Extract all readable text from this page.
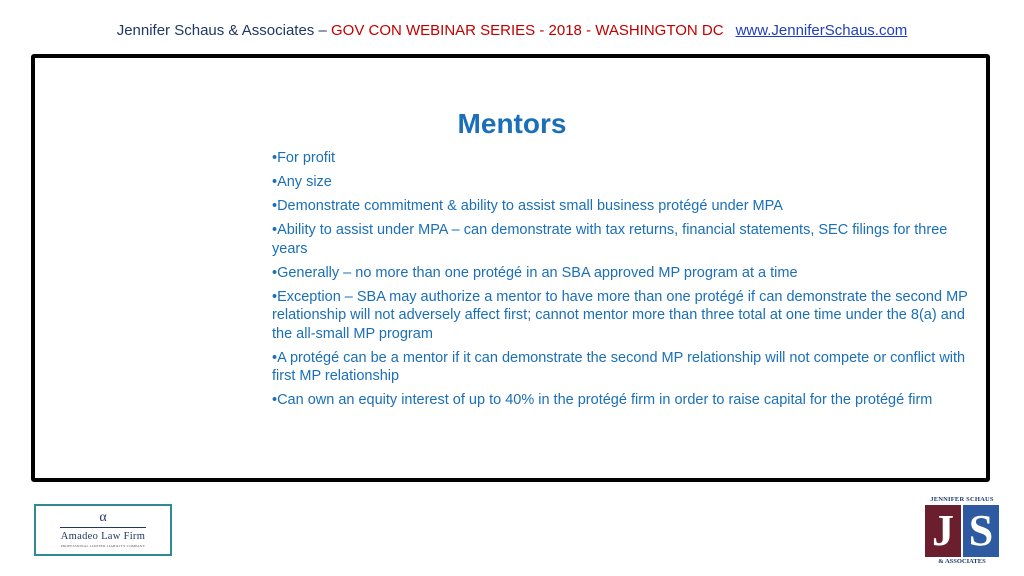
Jennifer Schaus & Associates – GOV CON WEBINAR SERIES - 2018 - WASHINGTON DC www.JenniferSchaus.com
Mentors
•For profit
•Any size
•Demonstrate commitment & ability to assist small business protégé under MPA
•Ability to assist under MPA – can demonstrate with tax returns, financial statements, SEC filings for three years
•Generally – no more than one protégé in an SBA approved MP program at a time
•Exception – SBA may authorize a mentor to have more than one protégé if can demonstrate the second MP relationship will not adversely affect first; cannot mentor more than three total at one time under the 8(a) and the all-small MP program
•A protégé can be a mentor if it can demonstrate the second MP relationship will not compete or conflict with first MP relationship
•Can own an equity interest of up to 40% in the protégé firm in order to raise capital for the protégé firm
α
Amadeo Law Firm
PROFESSIONAL LIMITED LIABILITY COMPANY
JENNIFER SCHAUS
J S
& ASSOCIATES
